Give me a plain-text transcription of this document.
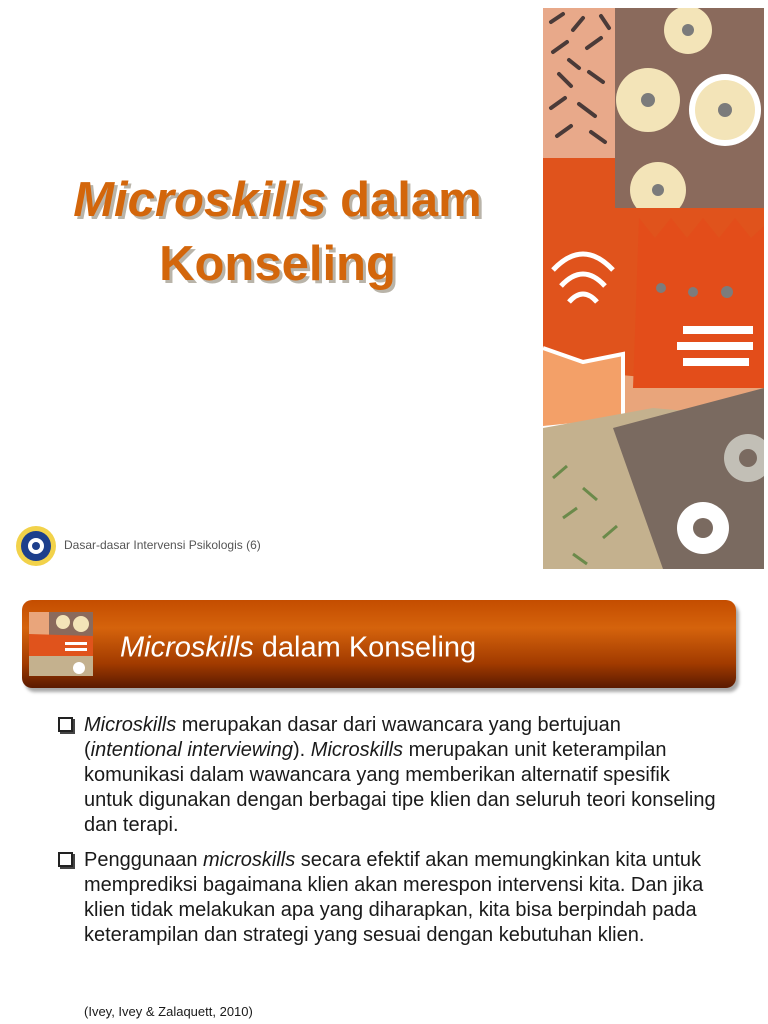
Microskills dalam
Konseling
Dasar-dasar Intervensi Psikologis (6)
Microskills dalam Konseling
Microskills merupakan dasar dari wawancara yang bertujuan (intentional interviewing). Microskills merupakan unit keterampilan komunikasi dalam wawancara yang memberikan alternatif spesifik untuk digunakan dengan berbagai tipe klien dan seluruh teori konseling dan terapi.
Penggunaan microskills secara efektif akan memungkinkan kita untuk memprediksi bagaimana klien akan merespon intervensi kita. Dan jika klien tidak melakukan apa yang diharapkan, kita bisa berpindah pada keterampilan dan strategi yang sesuai dengan kebutuhan klien.
(Ivey, Ivey & Zalaquett, 2010)
